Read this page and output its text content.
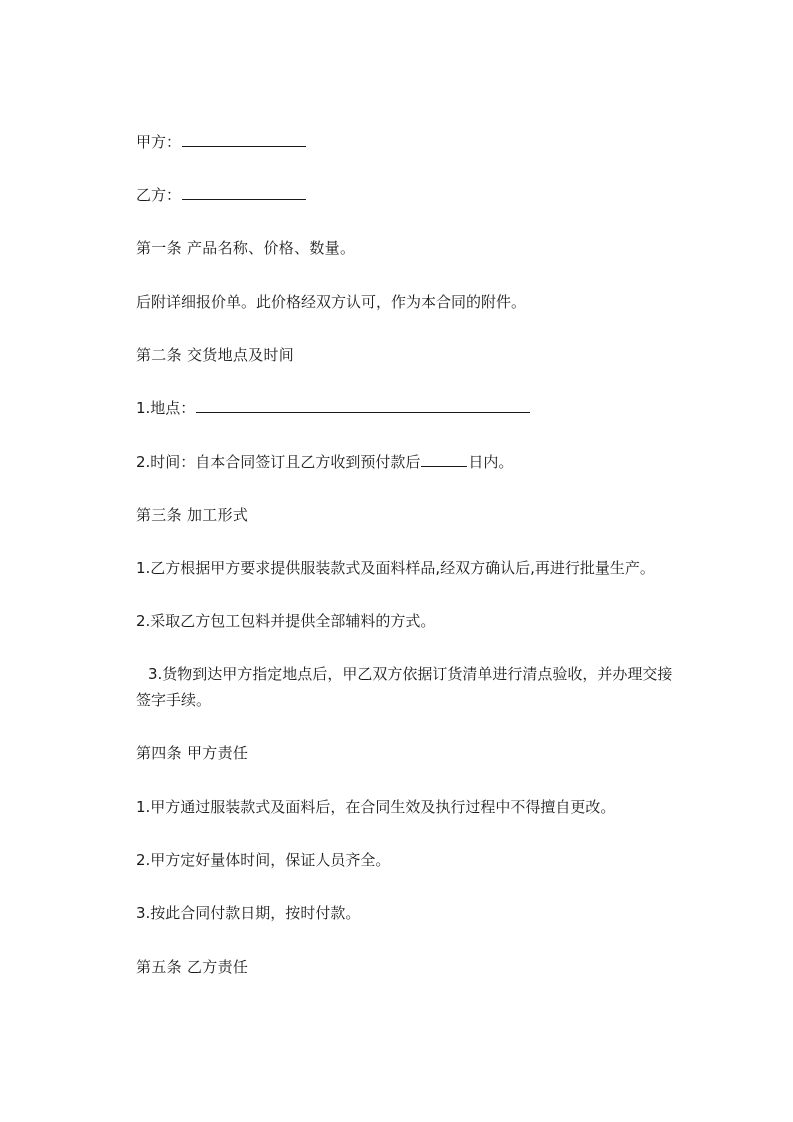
甲方：

乙方：

第一条 产品名称、价格、数量。

后附详细报价单。此价格经双方认可，作为本合同的附件。

第二条 交货地点及时间

1.地点：

2.时间：自本合同签订且乙方收到预付款后	日内。

第三条 加工形式

1.乙方根据甲方要求提供服装款式及面料样品,经双方确认后,再进行批量生产。

2.采取乙方包工包料并提供全部辅料的方式。

3.货物到达甲方指定地点后，甲乙双方依据订货清单进行清点验收，并办理交接

签字手续。

第四条 甲方责任

1.甲方通过服装款式及面料后，在合同生效及执行过程中不得擅自更改。

2.甲方定好量体时间，保证人员齐全。

3.按此合同付款日期，按时付款。

第五条 乙方责任
